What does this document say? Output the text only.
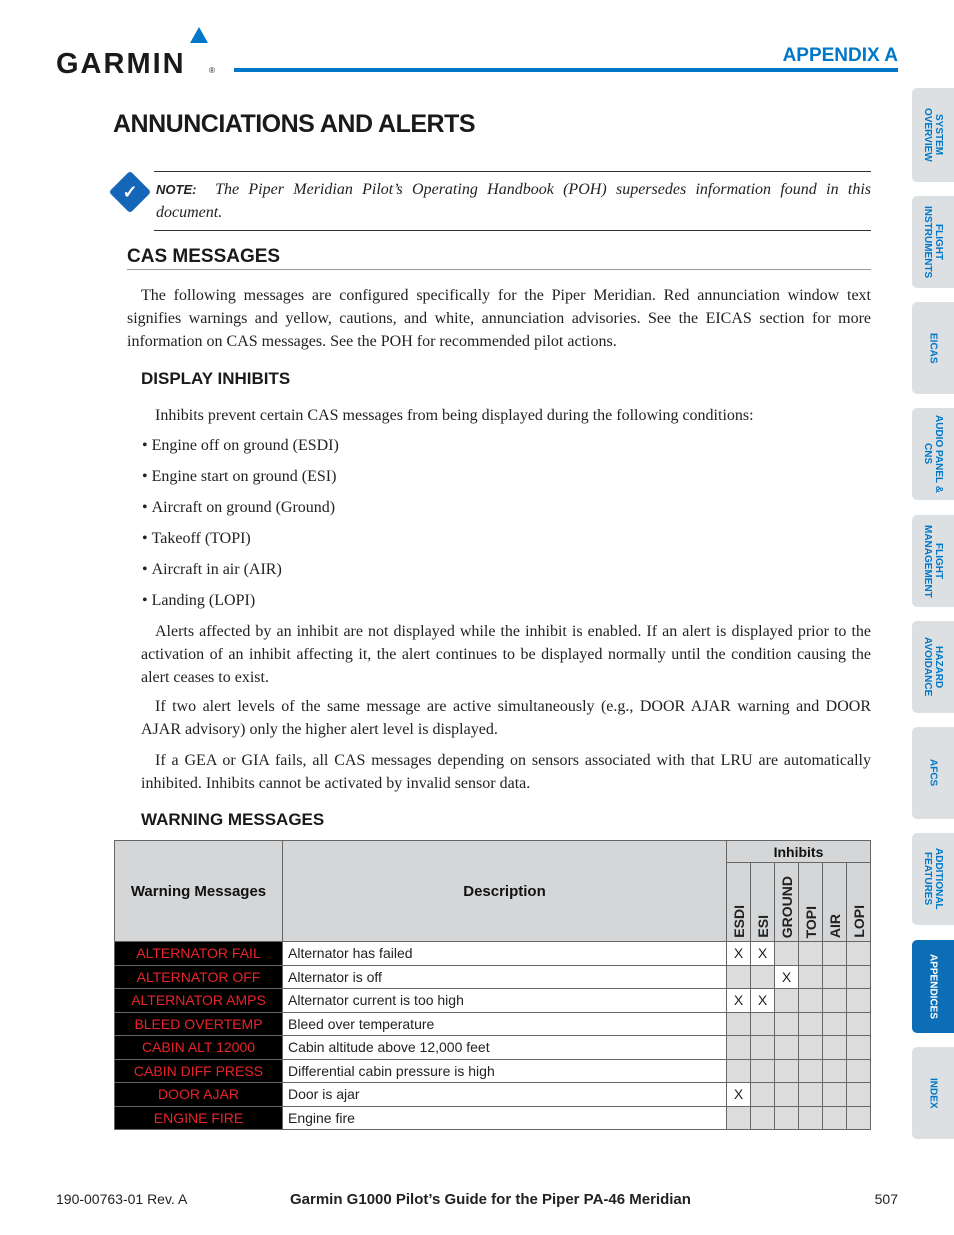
GARMIN	®
APPENDIX A
ANNUNCIATIONS AND ALERTS
✓	NOTE: The Piper Meridian Pilot’s Operating Handbook (POH) supersedes information found in this document.
CAS MESSAGES
The following messages are configured specifically for the Piper Meridian. Red annunciation window text signifies warnings and yellow, cautions, and white, annunciation advisories. See the EICAS section for more information on CAS messages. See the POH for recommended pilot actions.
DISPLAY INHIBITS
Inhibits prevent certain CAS messages from being displayed during the following conditions:
• Engine off on ground (ESDI)
• Engine start on ground (ESI)
• Aircraft on ground (Ground)
• Takeoff (TOPI)
• Aircraft in air (AIR)
• Landing (LOPI)
Alerts affected by an inhibit are not displayed while the inhibit is enabled. If an alert is displayed prior to the activation of an inhibit affecting it, the alert continues to be displayed normally until the condition causing the alert ceases to exist.
If two alert levels of the same message are active simultaneously (e.g., DOOR AJAR warning and DOOR AJAR advisory) only the higher alert level is displayed.
If a GEA or GIA fails, all CAS messages depending on sensors associated with that LRU are automatically inhibited. Inhibits cannot be activated by invalid sensor data.
WARNING MESSAGES
Warning Messages	Description	Inhibits					
		ESDI	ESI	GROUND	TOPI	AIR	LOPI
ALTERNATOR FAIL	Alternator has failed	X	X				
ALTERNATOR OFF	Alternator is off			X			
ALTERNATOR AMPS	Alternator current is too high	X	X				
BLEED OVERTEMP	Bleed over temperature						
CABIN ALT 12000	Cabin altitude above 12,000 feet						
CABIN DIFF PRESS	Differential cabin pressure is high						
DOOR AJAR	Door is ajar	X					
ENGINE FIRE	Engine fire						
SYSTEM OVERVIEW
FLIGHT INSTRUMENTS
EICAS
AUDIO PANEL & CNS
FLIGHT MANAGEMENT
HAZARD AVOIDANCE
AFCS
ADDITIONAL FEATURES
APPENDICES
INDEX
190-00763-01 Rev. A	Garmin G1000 Pilot’s Guide for the Piper PA-46 Meridian	507
